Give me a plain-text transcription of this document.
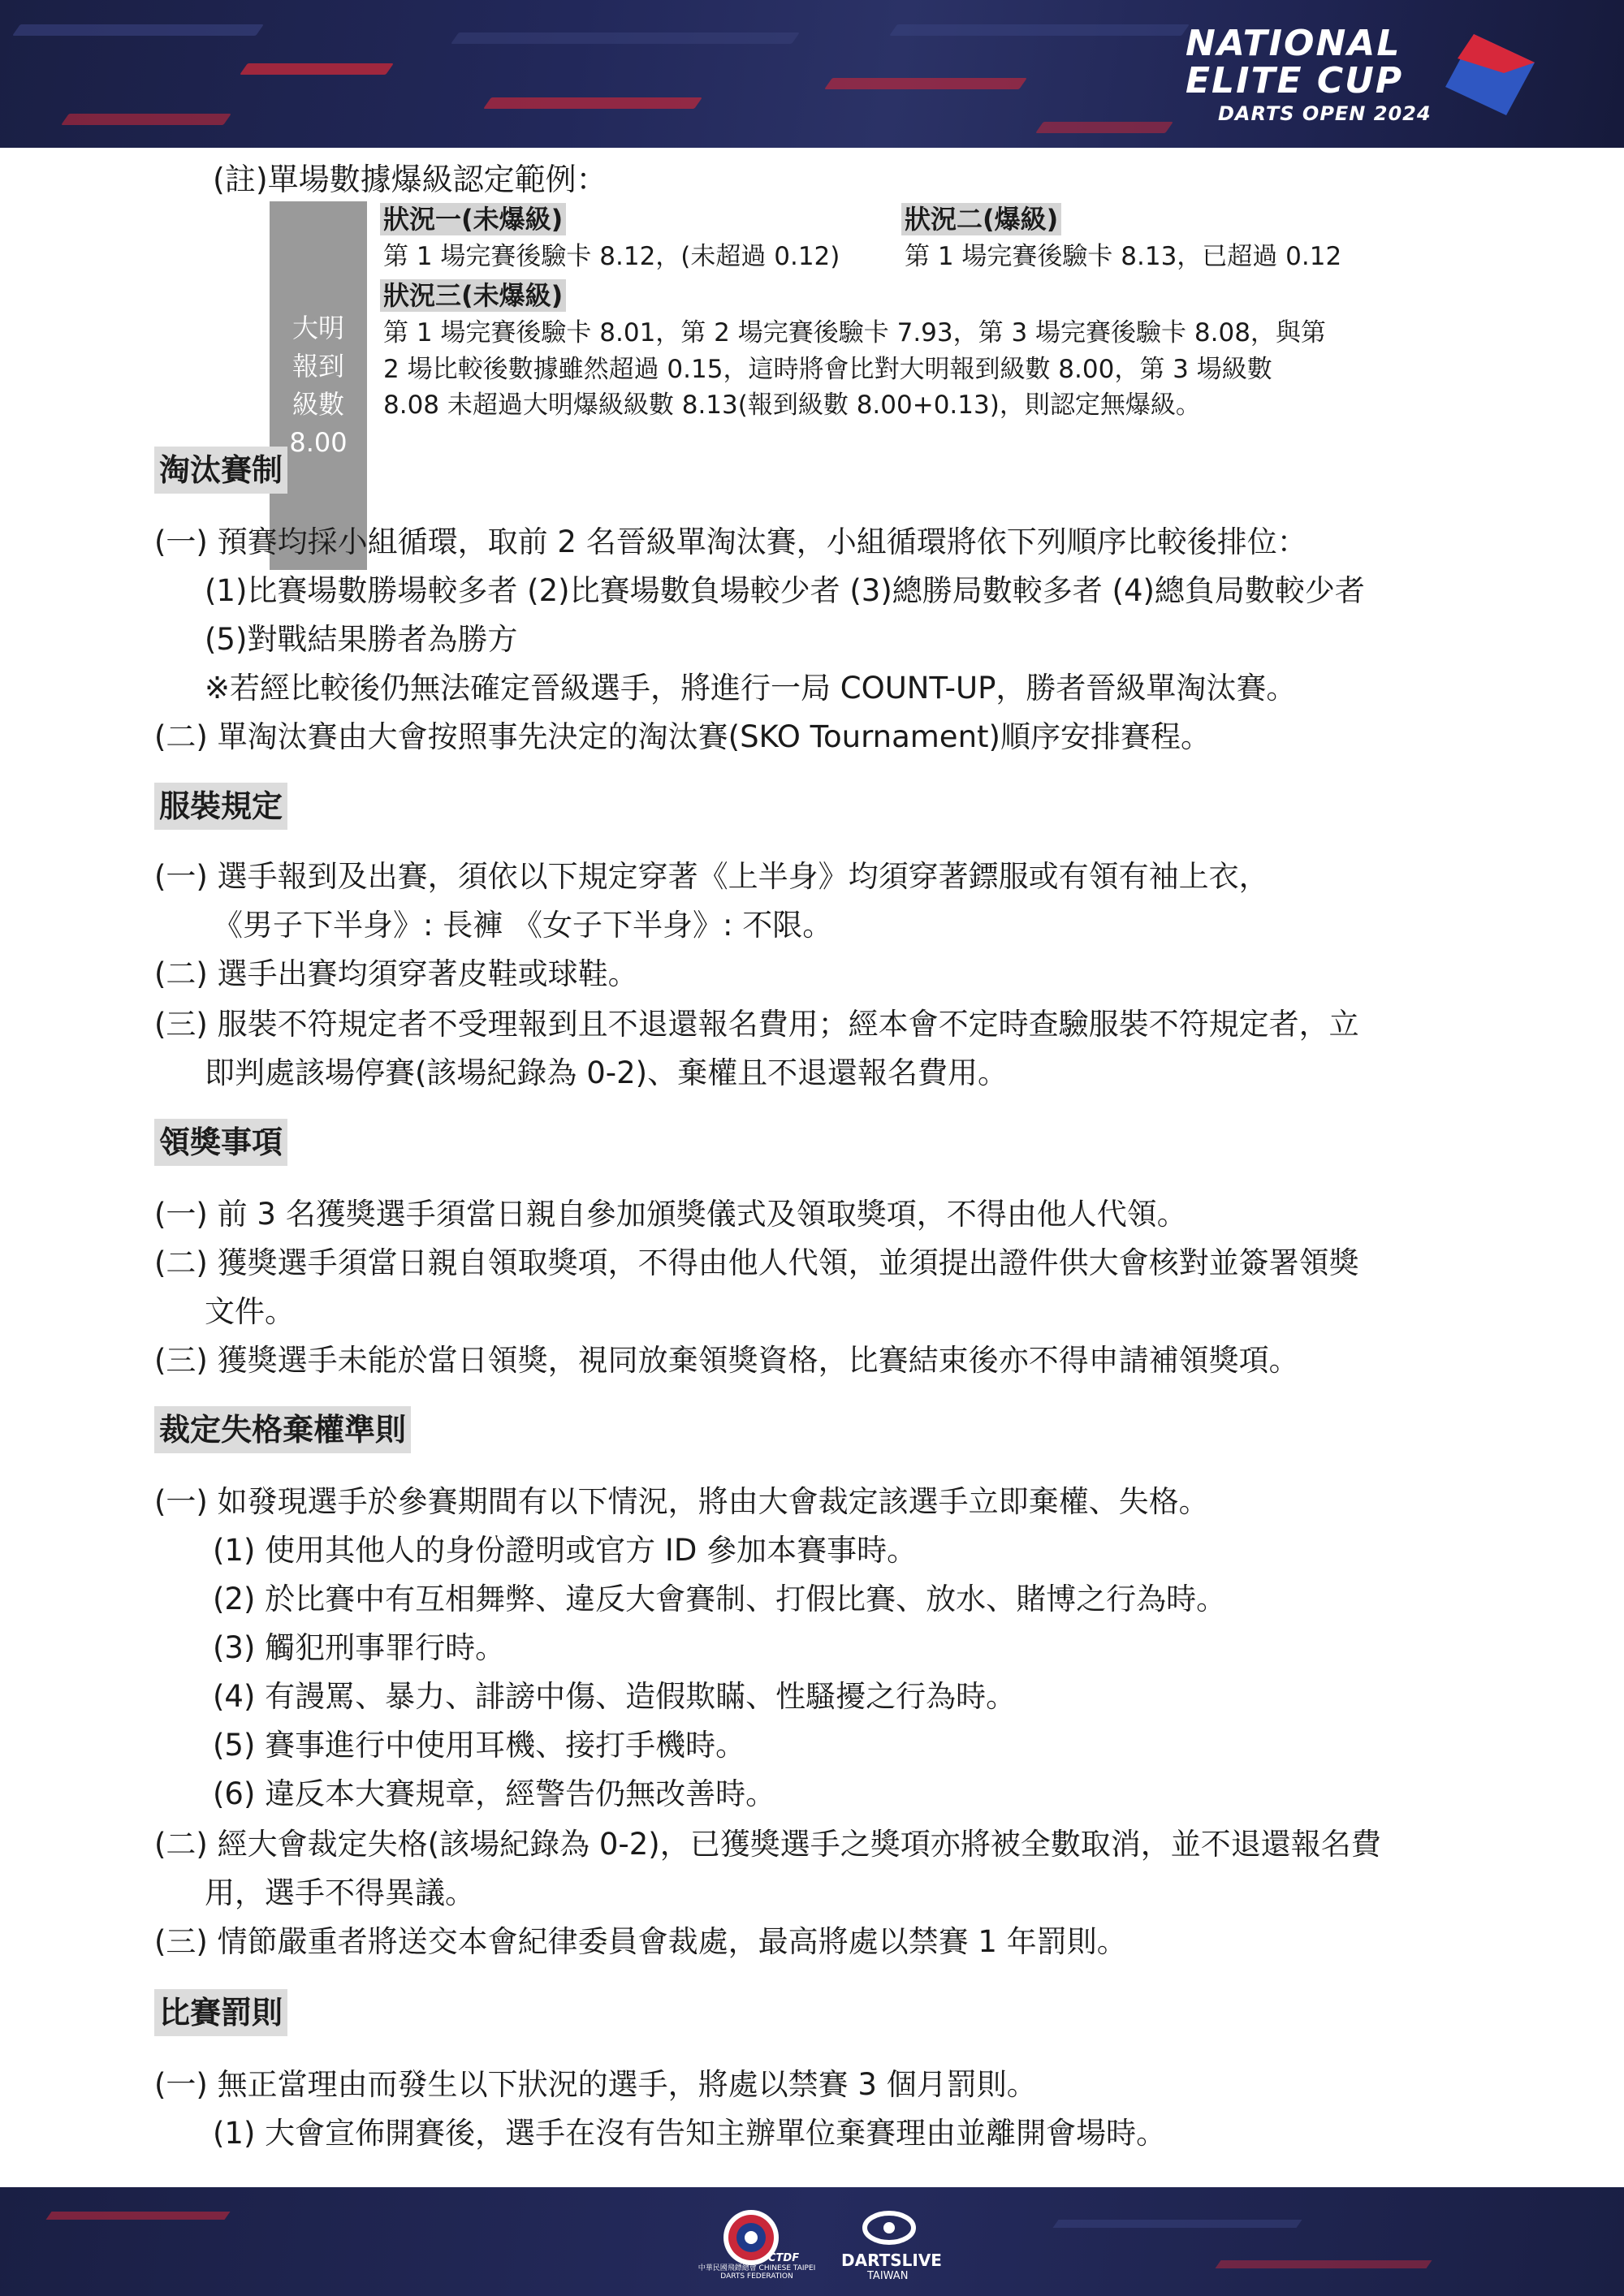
NATIONAL
ELITE CUP
DARTS OPEN 2024
(註)單場數據爆級認定範例：
大明
報到
級數
8.00
狀況一(未爆級)
第 1 場完賽後驗卡 8.12，(未超過 0.12)
狀況二(爆級)
第 1 場完賽後驗卡 8.13，已超過 0.12
狀況三(未爆級)
第 1 場完賽後驗卡 8.01，第 2 場完賽後驗卡 7.93，第 3 場完賽後驗卡 8.08，與第
2 場比較後數據雖然超過 0.15，這時將會比對大明報到級數 8.00，第 3 場級數
8.08 未超過大明爆級級數 8.13(報到級數 8.00+0.13)，則認定無爆級。
淘汰賽制
(一) 預賽均採小組循環，取前 2 名晉級單淘汰賽，小組循環將依下列順序比較後排位：
(1)比賽場數勝場較多者 (2)比賽場數負場較少者 (3)總勝局數較多者 (4)總負局數較少者
(5)對戰結果勝者為勝方
※若經比較後仍無法確定晉級選手，將進行一局 COUNT-UP，勝者晉級單淘汰賽。
(二) 單淘汰賽由大會按照事先決定的淘汰賽(SKO Tournament)順序安排賽程。
服裝規定
(一) 選手報到及出賽，須依以下規定穿著《上半身》均須穿著鏢服或有領有袖上衣，
《男子下半身》: 長褲 《女子下半身》: 不限。
(二) 選手出賽均須穿著皮鞋或球鞋。
(三) 服裝不符規定者不受理報到且不退還報名費用；經本會不定時查驗服裝不符規定者，立
即判處該場停賽(該場紀錄為 0-2)、棄權且不退還報名費用。
領獎事項
(一) 前 3 名獲獎選手須當日親自參加頒獎儀式及領取獎項，不得由他人代領。
(二) 獲獎選手須當日親自領取獎項，不得由他人代領，並須提出證件供大會核對並簽署領獎
文件。
(三) 獲獎選手未能於當日領獎，視同放棄領獎資格，比賽結束後亦不得申請補領獎項。
裁定失格棄權準則
(一) 如發現選手於參賽期間有以下情況，將由大會裁定該選手立即棄權、失格。
(1) 使用其他人的身份證明或官方 ID 參加本賽事時。
(2) 於比賽中有互相舞弊、違反大會賽制、打假比賽、放水、賭博之行為時。
(3) 觸犯刑事罪行時。
(4) 有謾罵、暴力、誹謗中傷、造假欺瞞、性騷擾之行為時。
(5) 賽事進行中使用耳機、接打手機時。
(6) 違反本大賽規章，經警告仍無改善時。
(二) 經大會裁定失格(該場紀錄為 0-2)，已獲獎選手之獎項亦將被全數取消，並不退還報名費
用，選手不得異議。
(三) 情節嚴重者將送交本會紀律委員會裁處，最高將處以禁賽 1 年罰則。
比賽罰則
(一) 無正當理由而發生以下狀況的選手，將處以禁賽 3 個月罰則。
(1) 大會宣佈開賽後，選手在沒有告知主辦單位棄賽理由並離開會場時。
CTDF
中華民國飛鏢總會 CHINESE TAIPEI DARTS FEDERATION
DARTSLIVE
TAIWAN
